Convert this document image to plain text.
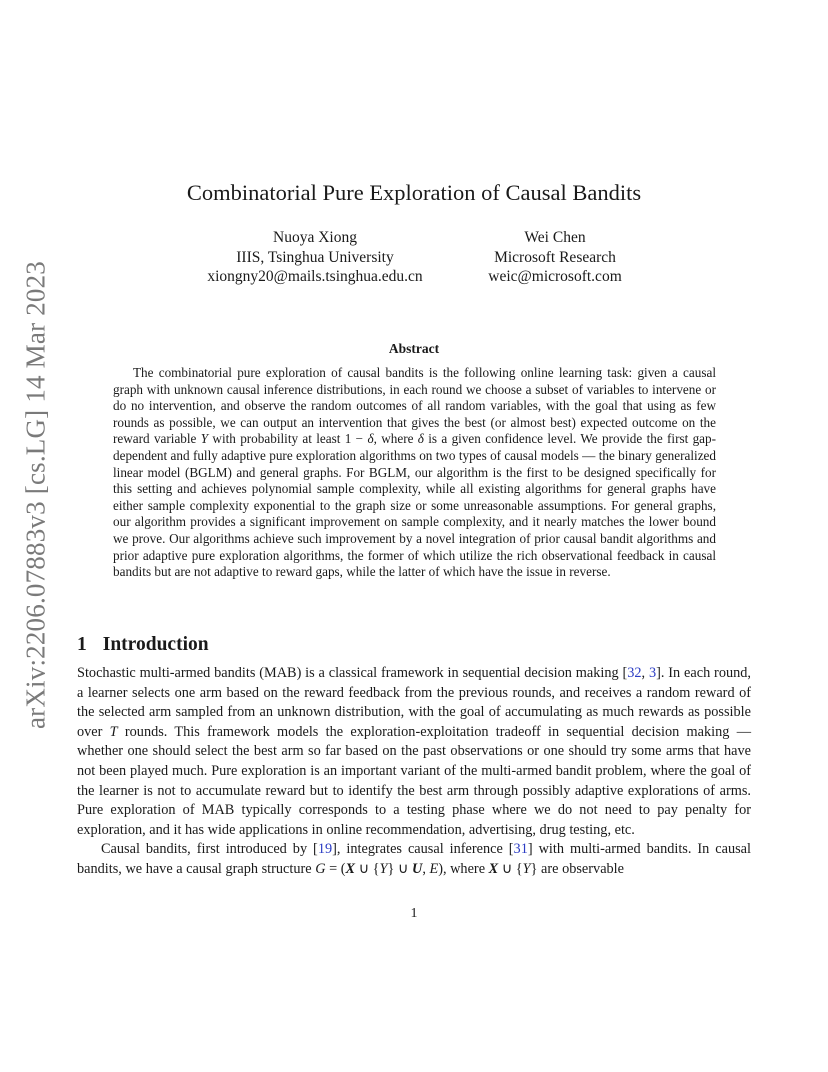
arXiv:2206.07883v3 [cs.LG] 14 Mar 2023
Combinatorial Pure Exploration of Causal Bandits
Nuoya Xiong
IIIS, Tsinghua University
xiongny20@mails.tsinghua.edu.cn
Wei Chen
Microsoft Research
weic@microsoft.com
Abstract
The combinatorial pure exploration of causal bandits is the following online learning task: given a causal graph with unknown causal inference distributions, in each round we choose a subset of variables to intervene or do no intervention, and observe the random outcomes of all random variables, with the goal that using as few rounds as possible, we can output an intervention that gives the best (or almost best) expected outcome on the reward variable Y with probability at least 1 − δ, where δ is a given confidence level. We provide the first gap-dependent and fully adaptive pure exploration algorithms on two types of causal models — the binary generalized linear model (BGLM) and general graphs. For BGLM, our algorithm is the first to be designed specifically for this setting and achieves polynomial sample complexity, while all existing algorithms for general graphs have either sample complexity exponential to the graph size or some unreasonable assumptions. For general graphs, our algorithm provides a significant improvement on sample complexity, and it nearly matches the lower bound we prove. Our algorithms achieve such improvement by a novel integration of prior causal bandit algorithms and prior adaptive pure exploration algorithms, the former of which utilize the rich observational feedback in causal bandits but are not adaptive to reward gaps, while the latter of which have the issue in reverse.
1 Introduction

Stochastic multi-armed bandits (MAB) is a classical framework in sequential decision making [32, 3]. In each round, a learner selects one arm based on the reward feedback from the previous rounds, and receives a random reward of the selected arm sampled from an unknown distribution, with the goal of accumulating as much rewards as possible over T rounds. This framework models the exploration-exploitation tradeoff in sequential decision making — whether one should select the best arm so far based on the past observations or one should try some arms that have not been played much. Pure exploration is an important variant of the multi-armed bandit problem, where the goal of the learner is not to accumulate reward but to identify the best arm through possibly adaptive explorations of arms. Pure exploration of MAB typically corresponds to a testing phase where we do not need to pay penalty for exploration, and it has wide applications in online recommendation, advertising, drug testing, etc.

Causal bandits, first introduced by [19], integrates causal inference [31] with multi-armed bandits. In causal bandits, we have a causal graph structure G = (X ∪ {Y} ∪ U, E), where X ∪ {Y} are observable

1
